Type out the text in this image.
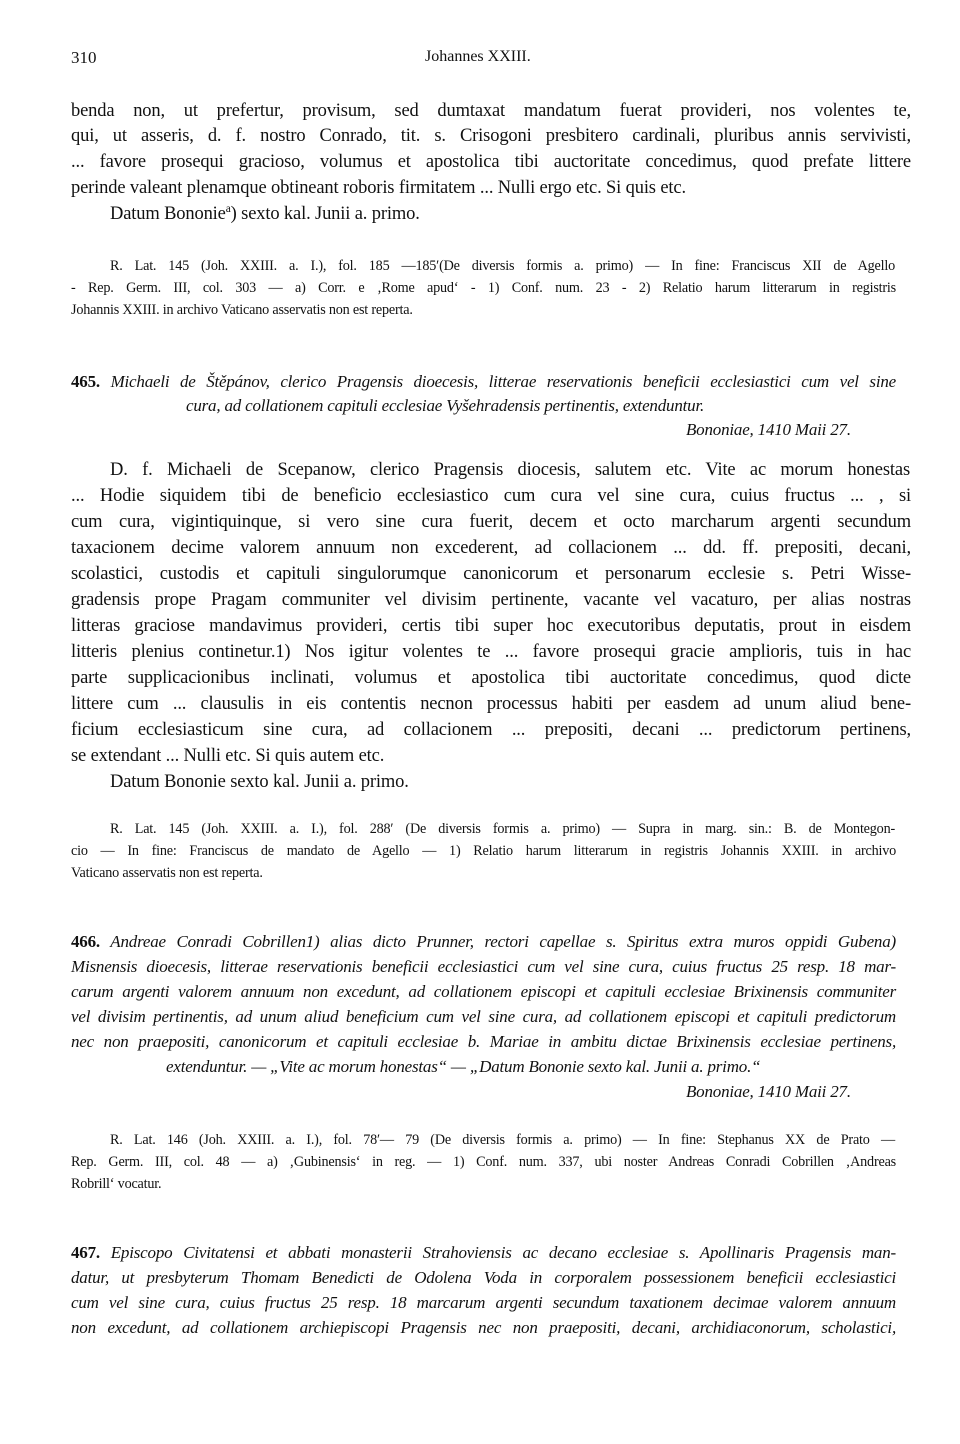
310	Johannes XXIII.
benda non, ut prefertur, provisum, sed dumtaxat mandatum fuerat provideri, nos volentes te,
qui, ut asseris, d. f. nostro Conrado, tit. s. Crisogoni presbitero cardinali, pluribus annis servivisti,
... favore prosequi gracioso, volumus et apostolica tibi auctoritate concedimus, quod prefate littere
perinde valeant plenamque obtineant roboris firmitatem ... Nulli ergo etc. Si quis etc.
Datum Bononie$^a$) sexto kal. Junii a. primo.
R. Lat. 145 (Joh. XXIII. a. I.), fol. 185 —185′(De diversis formis a. primo) — In fine: Franciscus XII de Agello
- Rep. Germ. III, col. 303 — a) Corr. e ‚Rome apud‘ - 1) Conf. num. 23 - 2) Relatio harum litterarum in registris
Johannis XXIII. in archivo Vaticano asservatis non est reperta.
465. Michaeli de Štěpánov, clerico Pragensis dioecesis, litterae reservationis beneficii ecclesiastici cum vel sine
cura, ad collationem capituli ecclesiae Vyšehradensis pertinentis, extenduntur.
Bononiae, 1410 Maii 27.
D. f. Michaeli de Scepanow, clerico Pragensis diocesis, salutem etc. Vite ac morum honestas
... Hodie siquidem tibi de beneficio ecclesiastico cum cura vel sine cura, cuius fructus ... , si
cum cura, vigintiquinque, si vero sine cura fuerit, decem et octo marcharum argenti secundum
taxacionem decime valorem annuum non excederent, ad collacionem ... dd. ff. prepositi, decani,
scolastici, custodis et capituli singulorumque canonicorum et personarum ecclesie s. Petri Wisse-
gradensis prope Pragam communiter vel divisim pertinente, vacante vel vacaturo, per alias nostras
litteras graciose mandavimus provideri, certis tibi super hoc executoribus deputatis, prout in eisdem
litteris plenius continetur.1) Nos igitur volentes te ... favore prosequi gracie amplioris, tuis in hac
parte supplicacionibus inclinati, volumus et apostolica tibi auctoritate concedimus, quod dicte
littere cum ... clausulis in eis contentis necnon processus habiti per easdem ad unum aliud bene-
ficium ecclesiasticum sine cura, ad collacionem ... prepositi, decani ... predictorum pertinens,
se extendant ... Nulli etc. Si quis autem etc.
Datum Bononie sexto kal. Junii a. primo.
R. Lat. 145 (Joh. XXIII. a. I.), fol. 288′ (De diversis formis a. primo) — Supra in marg. sin.: B. de Montegon-
cio — In fine: Franciscus de mandato de Agello — 1) Relatio harum litterarum in registris Johannis XXIII. in archivo
Vaticano asservatis non est reperta.
466. Andreae Conradi Cobrillen1) alias dicto Prunner, rectori capellae s. Spiritus extra muros oppidi Gubena)
Misnensis dioecesis, litterae reservationis beneficii ecclesiastici cum vel sine cura, cuius fructus 25 resp. 18 mar-
carum argenti valorem annuum non excedunt, ad collationem episcopi et capituli ecclesiae Brixinensis communiter
vel divisim pertinentis, ad unum aliud beneficium cum vel sine cura, ad collationem episcopi et capituli predictorum
nec non praepositi, canonicorum et capituli ecclesiae b. Mariae in ambitu dictae Brixinensis ecclesiae pertinens,
extenduntur. — „Vite ac morum honestas“ — „Datum Bononie sexto kal. Junii a. primo.“
Bononiae, 1410 Maii 27.
R. Lat. 146 (Joh. XXIII. a. I.), fol. 78′— 79 (De diversis formis a. primo) — In fine: Stephanus XX de Prato —
Rep. Germ. III, col. 48 — a) ‚Gubinensis‘ in reg. — 1) Conf. num. 337, ubi noster Andreas Conradi Cobrillen ‚Andreas
Robrill‘ vocatur.
467. Episcopo Civitatensi et abbati monasterii Strahoviensis ac decano ecclesiae s. Apollinaris Pragensis man-
datur, ut presbyterum Thomam Benedicti de Odolena Voda in corporalem possessionem beneficii ecclesiastici
cum vel sine cura, cuius fructus 25 resp. 18 marcarum argenti secundum taxationem decimae valorem annuum
non excedunt, ad collationem archiepiscopi Pragensis nec non praepositi, decani, archidiaconorum, scholastici,
